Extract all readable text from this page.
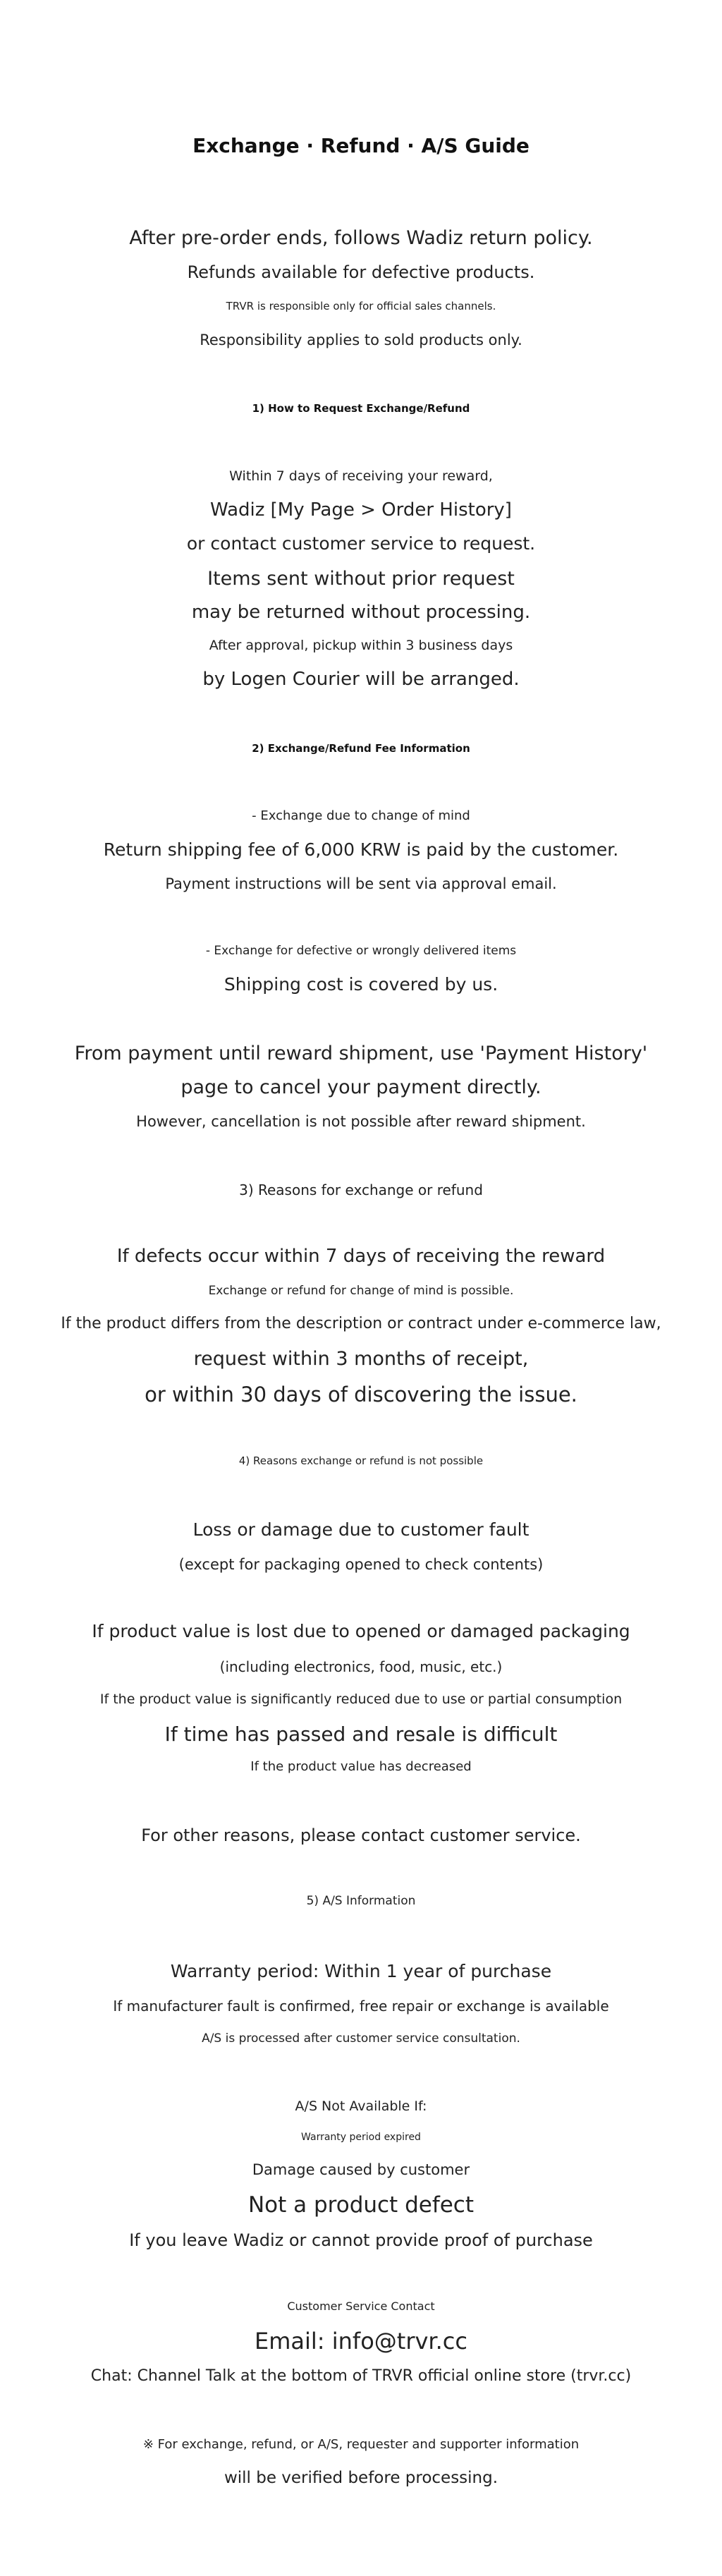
Exchange · Refund · A/S Guide
After pre-order ends, follows Wadiz return policy.
Refunds available for defective products.
TRVR is responsible only for official sales channels.
Responsibility applies to sold products only.
1) How to Request Exchange/Refund
Within 7 days of receiving your reward,
Wadiz [My Page > Order History]
or contact customer service to request.
Items sent without prior request
may be returned without processing.
After approval, pickup within 3 business days
by Logen Courier will be arranged.
2) Exchange/Refund Fee Information
- Exchange due to change of mind
Return shipping fee of 6,000 KRW is paid by the customer.
Payment instructions will be sent via approval email.
- Exchange for defective or wrongly delivered items
Shipping cost is covered by us.
From payment until reward shipment, use 'Payment History'
page to cancel your payment directly.
However, cancellation is not possible after reward shipment.
3) Reasons for exchange or refund
If defects occur within 7 days of receiving the reward
Exchange or refund for change of mind is possible.
If the product differs from the description or contract under e-commerce law,
request within 3 months of receipt,
or within 30 days of discovering the issue.
4) Reasons exchange or refund is not possible
Loss or damage due to customer fault
(except for packaging opened to check contents)
If product value is lost due to opened or damaged packaging
(including electronics, food, music, etc.)
If the product value is significantly reduced due to use or partial consumption
If time has passed and resale is difficult
If the product value has decreased
For other reasons, please contact customer service.
5) A/S Information
Warranty period: Within 1 year of purchase
If manufacturer fault is confirmed, free repair or exchange is available
A/S is processed after customer service consultation.
A/S Not Available If:
Warranty period expired
Damage caused by customer
Not a product defect
If you leave Wadiz or cannot provide proof of purchase
Customer Service Contact
Email: info@trvr.cc
Chat: Channel Talk at the bottom of TRVR official online store (trvr.cc)
※ For exchange, refund, or A/S, requester and supporter information
will be verified before processing.
